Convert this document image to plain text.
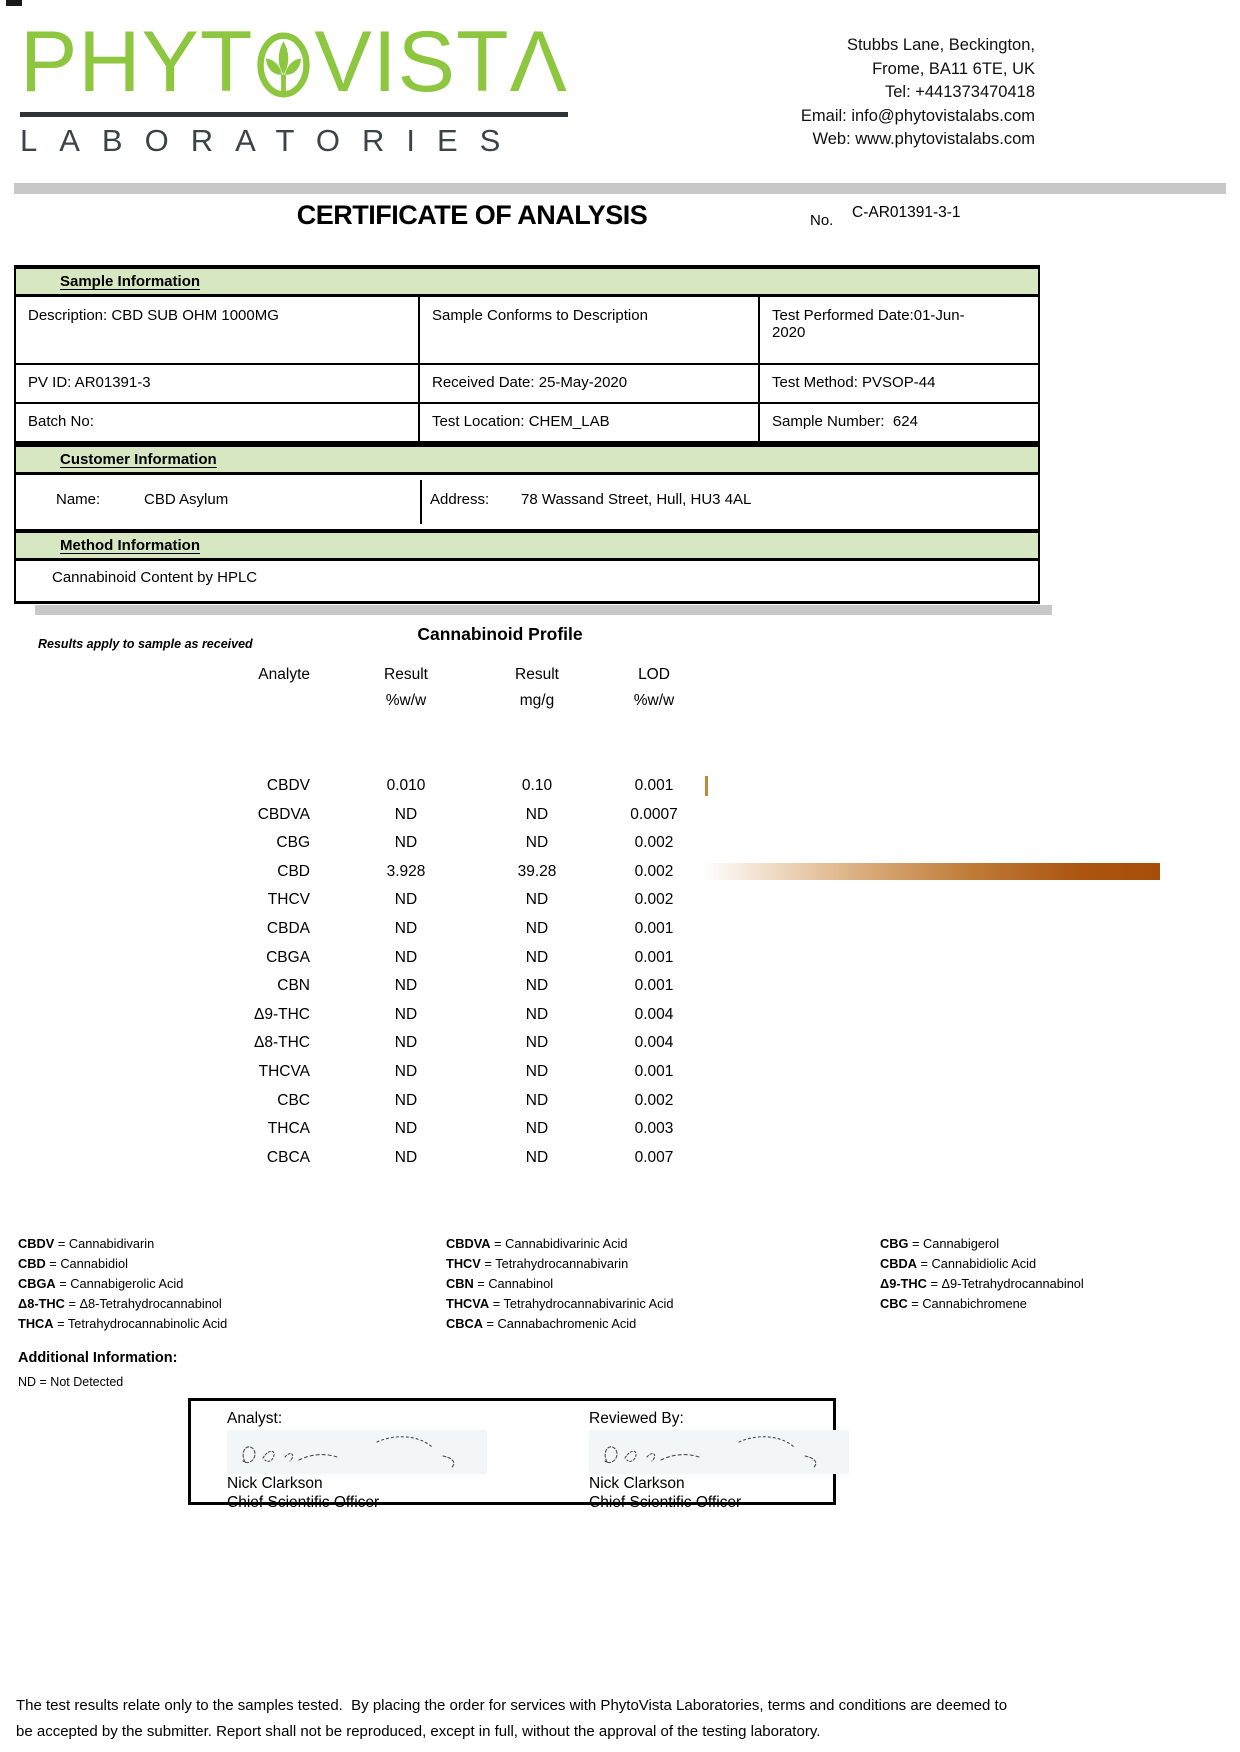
PHYT VIST Λ
LABORATORIES
Stubbs Lane, Beckington,
Frome, BA11 6TE, UK
Tel: +441373470418
Email: info@phytovistalabs.com
Web: www.phytovistalabs.com
CERTIFICATE OF ANALYSIS	No. C-AR01391-3-1
Sample Information
Description: CBD SUB OHM 1000MG	Sample Conforms to Description	Test Performed Date:01-Jun-2020
PV ID: AR01391-3	Received Date: 25-May-2020	Test Method: PVSOP-44
Batch No:	Test Location: CHEM_LAB	Sample Number:  624
Customer Information
Name:	CBD Asylum	Address: 78 Wassand Street, Hull, HU3 4AL
Method Information
Cannabinoid Content by HPLC
Results apply to sample as received	Cannabinoid Profile
Analyte	Result	Result	LOD
%w/w	mg/g	%w/w
CBDV	0.010	0.10	0.001
CBDVA	ND	ND	0.0007
CBG	ND	ND	0.002
CBD	3.928	39.28	0.002
THCV	ND	ND	0.002
CBDA	ND	ND	0.001
CBGA	ND	ND	0.001
CBN	ND	ND	0.001
Δ9-THC	ND	ND	0.004
Δ8-THC	ND	ND	0.004
THCVA	ND	ND	0.001
CBC	ND	ND	0.002
THCA	ND	ND	0.003
CBCA	ND	ND	0.007
CBDV = Cannabidivarin
CBD = Cannabidiol
CBGA = Cannabigerolic Acid
Δ8-THC = Δ8-Tetrahydrocannabinol
THCA = Tetrahydrocannabinolic Acid
CBDVA = Cannabidivarinic Acid
THCV = Tetrahydrocannabivarin
CBN = Cannabinol
THCVA = Tetrahydrocannabivarinic Acid
CBCA = Cannabachromenic Acid
CBG = Cannabigerol
CBDA = Cannabidiolic Acid
Δ9-THC = Δ9-Tetrahydrocannabinol
CBC = Cannabichromene
Additional Information:
ND = Not Detected
Analyst:
Nick Clarkson
Chief Scientific Officer
Reviewed By:
Nick Clarkson
Chief Scientific Officer
The test results relate only to the samples tested.  By placing the order for services with PhytoVista Laboratories, terms and conditions are deemed to be accepted by the submitter. Report shall not be reproduced, except in full, without the approval of the testing laboratory.
